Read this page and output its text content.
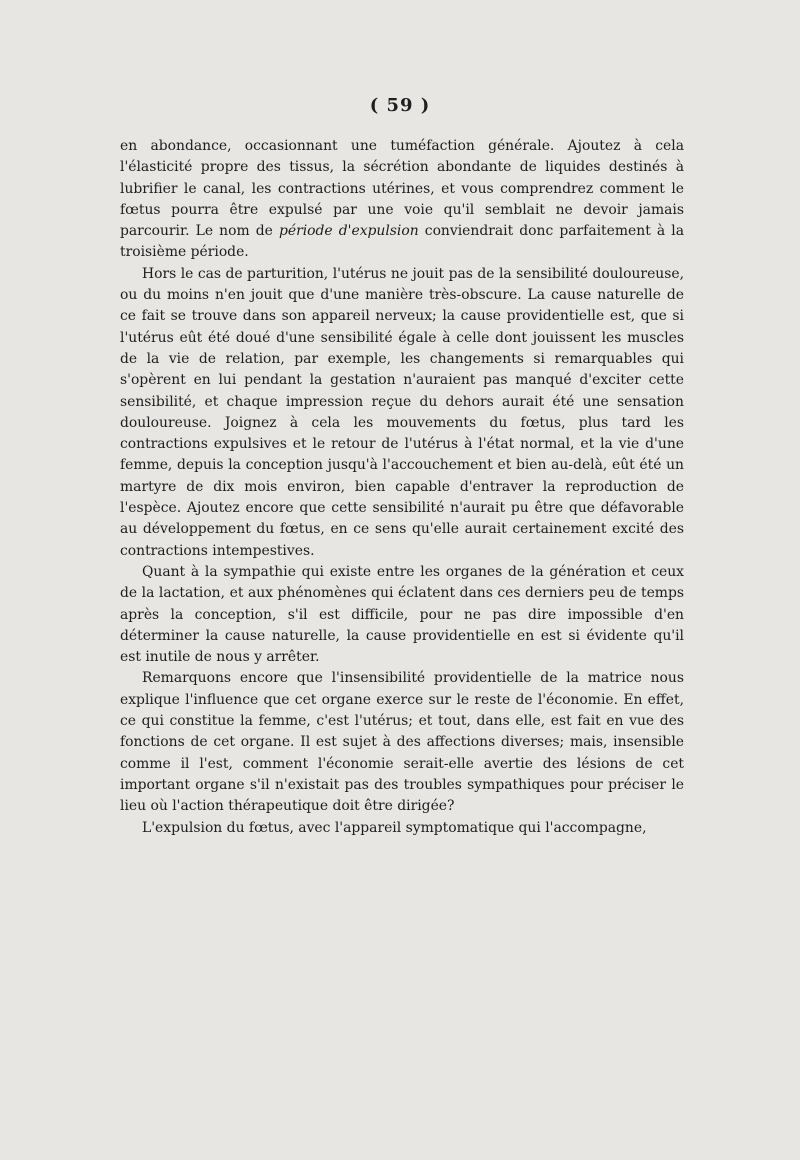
( 59 )

en abondance, occasionnant une tuméfaction générale. Ajoutez à cela l'élasticité propre des tissus, la sécrétion abondante de liquides destinés à lubrifier le canal, les contractions utérines, et vous comprendrez comment le fœtus pourra être expulsé par une voie qu'il semblait ne devoir jamais parcourir. Le nom de période d'expulsion conviendrait donc parfaitement à la troisième période.

Hors le cas de parturition, l'utérus ne jouit pas de la sensibilité douloureuse, ou du moins n'en jouit que d'une manière très-obscure. La cause naturelle de ce fait se trouve dans son appareil nerveux; la cause providentielle est, que si l'utérus eût été doué d'une sensibilité égale à celle dont jouissent les muscles de la vie de relation, par exemple, les changements si remarquables qui s'opèrent en lui pendant la gestation n'auraient pas manqué d'exciter cette sensibilité, et chaque impression reçue du dehors aurait été une sensation douloureuse. Joignez à cela les mouvements du fœtus, plus tard les contractions expulsives et le retour de l'utérus à l'état normal, et la vie d'une femme, depuis la conception jusqu'à l'accouchement et bien au-delà, eût été un martyre de dix mois environ, bien capable d'entraver la reproduction de l'espèce. Ajoutez encore que cette sensibilité n'aurait pu être que défavorable au développement du fœtus, en ce sens qu'elle aurait certainement excité des contractions intempestives.

Quant à la sympathie qui existe entre les organes de la génération et ceux de la lactation, et aux phénomènes qui éclatent dans ces derniers peu de temps après la conception, s'il est difficile, pour ne pas dire impossible d'en déterminer la cause naturelle, la cause providentielle en est si évidente qu'il est inutile de nous y arrêter.

Remarquons encore que l'insensibilité providentielle de la matrice nous explique l'influence que cet organe exerce sur le reste de l'économie. En effet, ce qui constitue la femme, c'est l'utérus; et tout, dans elle, est fait en vue des fonctions de cet organe. Il est sujet à des affections diverses; mais, insensible comme il l'est, comment l'économie serait-elle avertie des lésions de cet important organe s'il n'existait pas des troubles sympathiques pour préciser le lieu où l'action thérapeutique doit être dirigée?

L'expulsion du fœtus, avec l'appareil symptomatique qui l'accompagne,
